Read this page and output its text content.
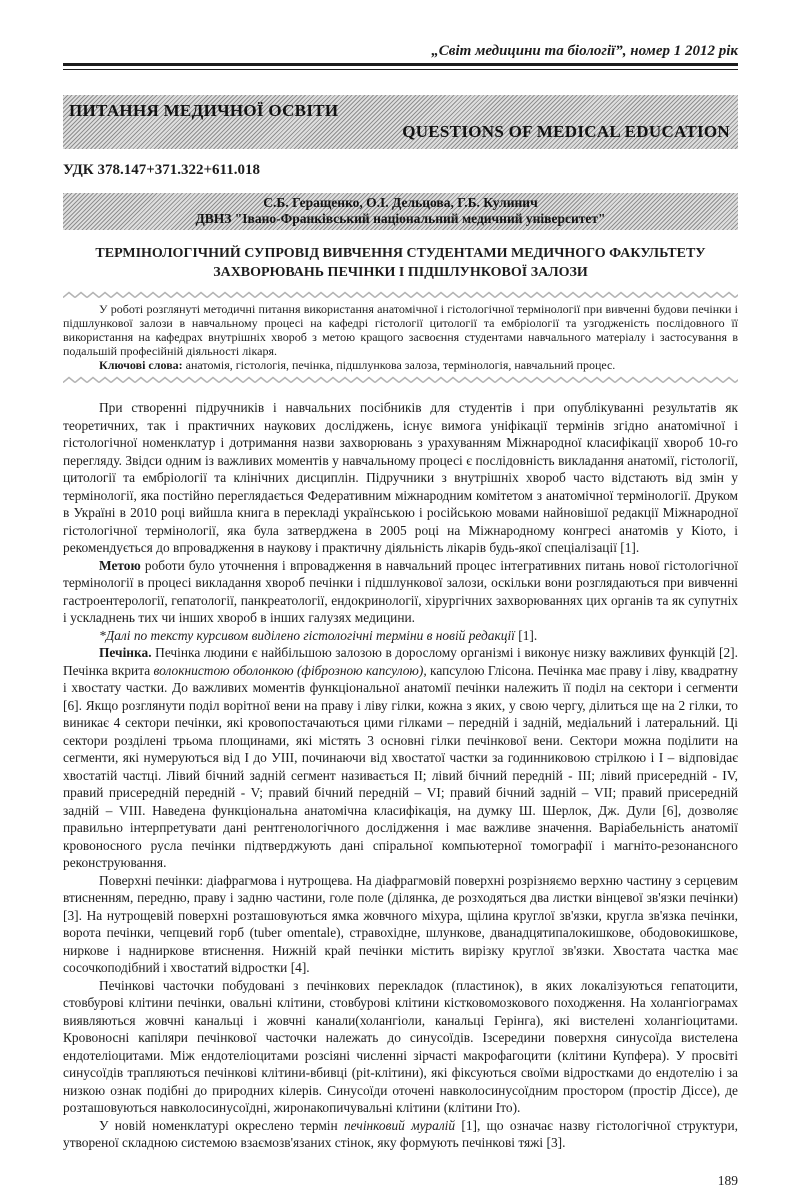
„Світ медицини та біології”, номер 1 2012 рік
ПИТАННЯ МЕДИЧНОЇ ОСВІТИ
QUESTIONS OF MEDICAL EDUCATION
УДК 378.147+371.322+611.018
С.Б. Геращенко, О.І. Дельцова, Г.Б. Кулинич
ДВНЗ "Івано-Франківський національний медичний університет"
ТЕРМІНОЛОГІЧНИЙ СУПРОВІД ВИВЧЕННЯ СТУДЕНТАМИ МЕДИЧНОГО ФАКУЛЬТЕТУ ЗАХВОРЮВАНЬ ПЕЧІНКИ І ПІДШЛУНКОВОЇ ЗАЛОЗИ

У роботі розглянуті методичні питання використання анатомічної і гістологічної термінології при вивченні будови печінки і підшлункової залози в навчальному процесі на кафедрі гістології цитології та ембріології та узгодженість послідовного її використання на кафедрах внутрішніх хвороб з метою кращого засвоєння студентами навчального матеріалу і застосування в подальшій професійній діяльності лікаря.

Ключові слова: анатомія, гістологія, печінка, підшлункова залоза, термінологія, навчальний процес.

При створенні підручників і навчальних посібників для студентів і при опублікуванні результатів як теоретичних, так і практичних наукових досліджень, існує вимога уніфікації термінів згідно анатомічної і гістологічної номенклатур і дотримання назви захворювань з урахуванням Міжнародної класифікації хвороб 10-го перегляду. Звідси одним із важливих моментів у навчальному процесі є послідовність викладання анатомії, гістології, цитології та ембріології та клінічних дисциплін. Підручники з внутрішніх хвороб часто відстають від змін у термінології, яка постійно переглядається Федеративним міжнародним комітетом з анатомічної термінології. Друком в Україні в 2010 році вийшла книга в перекладі українською і російською мовами найновішої редакції Міжнародної гістологічної термінології, яка була затверджена в 2005 році на Міжнародному конгресі анатомів у Кіото, і рекомендується до впровадження в наукову і практичну діяльність лікарів будь-якої спеціалізації [1].

Метою роботи було уточнення і впровадження в навчальний процес інтегративних питань нової гістологічної термінології в процесі викладання хвороб печінки і підшлункової залози, оскільки вони розглядаються при вивченні гастроентерології, гепатології, панкреатології, ендокринології, хірургічних захворюваннях цих органів та як супутніх і ускладнень тих чи інших хвороб в інших галузях медицини.

*Далі по тексту курсивом виділено гістологічні терміни в новій редакції [1].

Печінка. Печінка людини є найбільшою залозою в дорослому організмі і виконує низку важливих функцій [2]. Печінка вкрита волокнистою оболонкою (фіброзною капсулою), капсулою Глісона. Печінка має праву і ліву, квадратну і хвостату частки. До важливих моментів функціональної анатомії печінки належить її поділ на сектори і сегменти [6]. Якщо розглянути поділ ворітної вени на праву і ліву гілки, кожна з яких, у свою чергу, ділиться ще на 2 гілки, то виникає 4 сектори печінки, які кровопостачаються цими гілками – передній і задній, медіальний і латеральний. Ці сектори розділені трьома площинами, які містять 3 основні гілки печінкової вени. Сектори можна поділити на сегменти, які нумеруються від І до УІІІ, починаючи від хвостатої частки за годинниковою стрілкою і І – відповідає хвостатій частці. Лівий бічний задній сегмент називається ІІ; лівий бічний передній - ІІІ; лівий присередній - ІV, правий присередній передній - V; правий бічний передній – VІ; правий бічний задній – VІІ; правий присередній задній – VІІІ. Наведена функціональна анатомічна класифікація, на думку Ш. Шерлок, Дж. Дули [6], дозволяє правильно інтерпретувати дані рентгенологічного дослідження і має важливе значення. Варіабельність анатомії кровоносного русла печінки підтверджують дані спіральної компьютерної томографії і магніто-резонансного реконструювання.

Поверхні печінки: діафрагмова і нутрощева. На діафрагмовій поверхні розрізняємо верхню частину з серцевим втисненням, передню, праву і задню частини, голе поле (ділянка, де розходяться два листки вінцевої зв'язки печінки) [3]. На нутрощевій поверхні розташовуються ямка жовчного міхура, щілина круглої зв'язки, кругла зв'язка печінки, ворота печінки, чепцевий горб (tuber omentale), стравохідне, шлункове, дванадцятипалокишкове, ободовокишкове, ниркове і надниркове втиснення. Нижній край печінки містить вирізку круглої зв'язки. Хвостата частка має сосочкоподібний і хвостатий відростки [4].

Печінкові часточки побудовані з печінкових перекладок (пластинок), в яких локалізуються гепатоцити, стовбурові клітини печінки, овальні клітини, стовбурові клітини кістковомозкового походження. На холангіограмах виявляються жовчні канальці і жовчні канали(холангіоли, канальці Герінга), які вистелені холангіоцитами. Кровоносні капіляри печінкової часточки належать до синусоїдів. Ізсередини поверхня синусоїда вистелена ендотеліоцитами. Між ендотеліоцитами розсіяні численні зірчасті макрофагоцити (клітини Купфера). У просвіті синусоїдів трапляються печінкові клітини-вбивці (pit-клітини), які фіксуються своїми відростками до ендотелію і за низкою ознак подібні до природних кілерів. Синусоїди оточені навколосинусоїдним простором (простір Діссе), де розташовуються навколосинусоїдні, жиронакопичувальні клітини (клітини Іто).

У новій номенклатурі окреслено термін печінковий муралій [1], що означає назву гістологічної структури, утвореної складною системою взаємозв'язаних стінок, яку формують печінкові тяжі [3].

189
